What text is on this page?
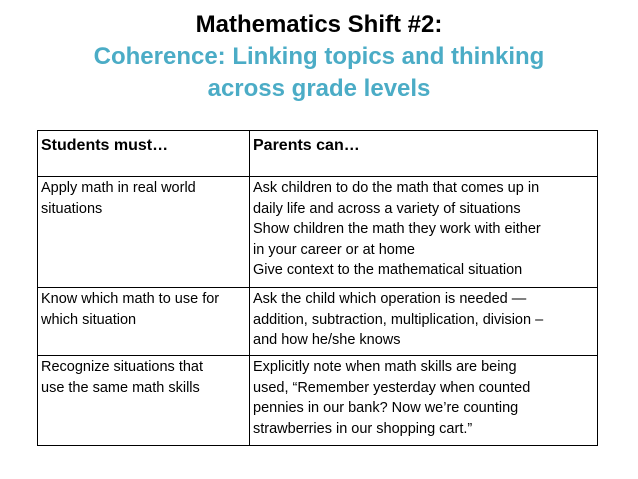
Mathematics Shift #2:
Coherence: Linking topics and thinking
across grade levels
Students must…	Parents can…

Apply math in real world
situations	Ask children to do the math that comes up in
daily life and across a variety of situations
Show children the math they work with either
in your career or at home
Give context to the mathematical situation

Know which math to use for
which situation	Ask the child which operation is needed —
addition, subtraction, multiplication, division –
and how he/she knows

Recognize situations that
use the same math skills	Explicitly note when math skills are being
used, “Remember yesterday when counted
pennies in our bank? Now we’re counting
strawberries in our shopping cart.”
